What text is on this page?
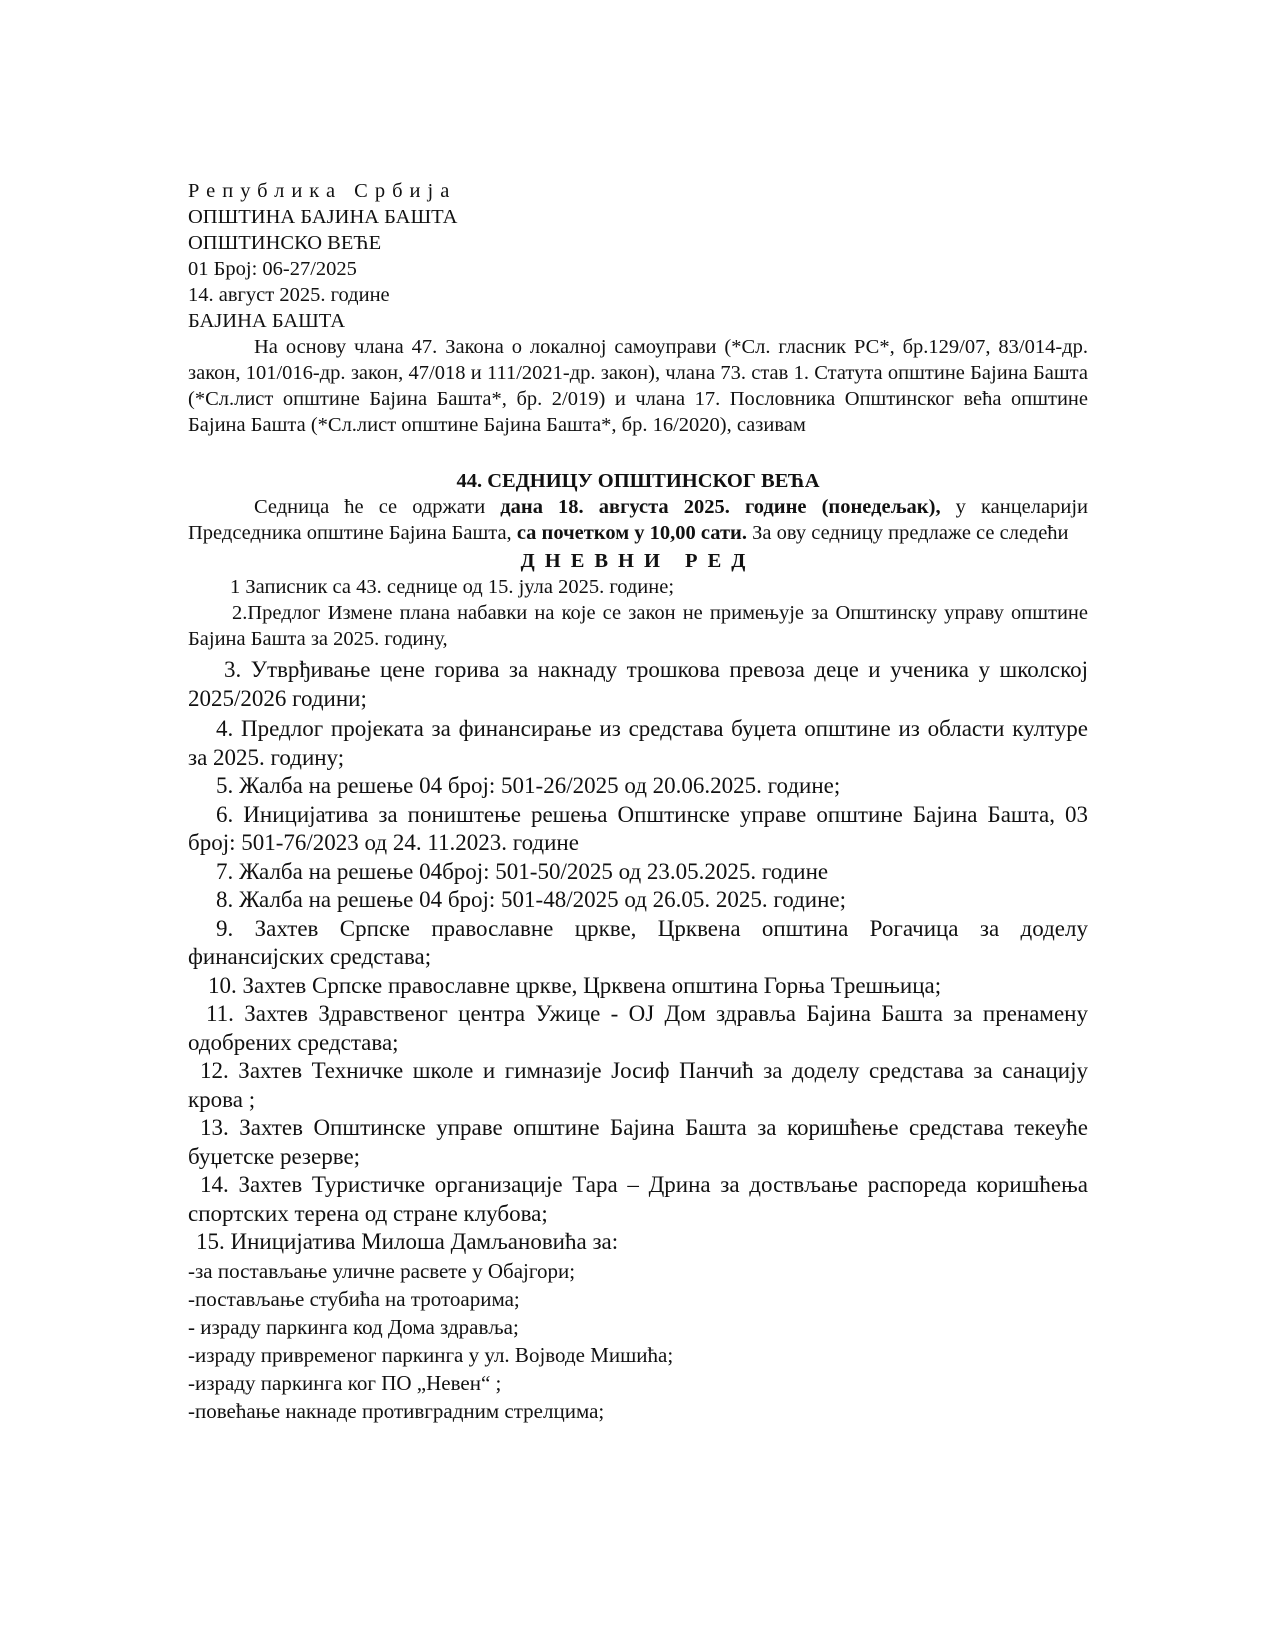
Република Србија
ОПШТИНА БАЈИНА БАШТА
ОПШТИНСКО ВЕЋЕ
01 Број: 06-27/2025
14. август 2025. године
БАЈИНА БАШТА

На основу члана 47. Закона о локалној самоуправи (*Сл. гласник РС*, бр.129/07, 83/014-др. закон, 101/016-др. закон, 47/018 и 111/2021-др. закон), члана 73. став 1. Статута општине Бајина Башта (*Сл.лист општине Бајина Башта*, бр. 2/019) и члана 17. Пословника Општинског већа општине Бајина Башта (*Сл.лист општине Бајина Башта*, бр. 16/2020), сазивам

44. СЕДНИЦУ ОПШТИНСКОГ ВЕЋА

Седница ће се одржати дана 18. августа 2025. године (понедељак), у канцеларији Председника општине Бајина Башта, са почетком у 10,00 сати. За ову седницу предлаже се следећи

ДНЕВНИ РЕД

1 Записник са 43. седнице од 15. јула 2025. године;

2.Предлог Измене плана набавки на које се закон не примењује за Општинску управу општине Бајина Башта за 2025. годину,

3. Утврђивање цене горива за накнаду трошкова превоза деце и ученика у школској 2025/2026 години;

4. Предлог пројеката за финансирање из средстава буџета општине из области културе за 2025. годину;

5. Жалба на решење 04 број: 501-26/2025 од 20.06.2025. године;

6. Иницијатива за поништење решења Општинске управе општине Бајина Башта, 03 број: 501-76/2023 од 24. 11.2023. године

7. Жалба на решење 04број: 501-50/2025 од 23.05.2025. године

8. Жалба на решење 04 број: 501-48/2025 од 26.05. 2025. године;

9. Захтев Српске православне цркве, Црквена општина Рогачица за доделу финансијских средстава;

10. Захтев Српске православне цркве, Црквена општина Горња Трешњица;

11. Захтев Здравственог центра Ужице - ОЈ Дом здравља Бајина Башта за пренамену одобрених средстава;

12. Захтев Техничке школе и гимназије Јосиф Панчић за доделу средстава за санацију крова ;

13. Захтев Општинске управе општине Бајина Башта за коришћење средстава текеуће буџетске резерве;

14. Захтев Туристичке организације Тара – Дрина за доствљање распореда коришћења спортских терена од стране клубова;

15. Иницијатива Милоша Дамљановића за:

-за постављање уличне расвете у Обајгори;
-постављање стубића на тротоарима;
- израду паркинга код Дома здравља;
-израду привременог паркинга у ул. Војводе Мишића;
-израду паркинга ког ПО „Невен“ ;
-повећање накнаде противградним стрелцима;
